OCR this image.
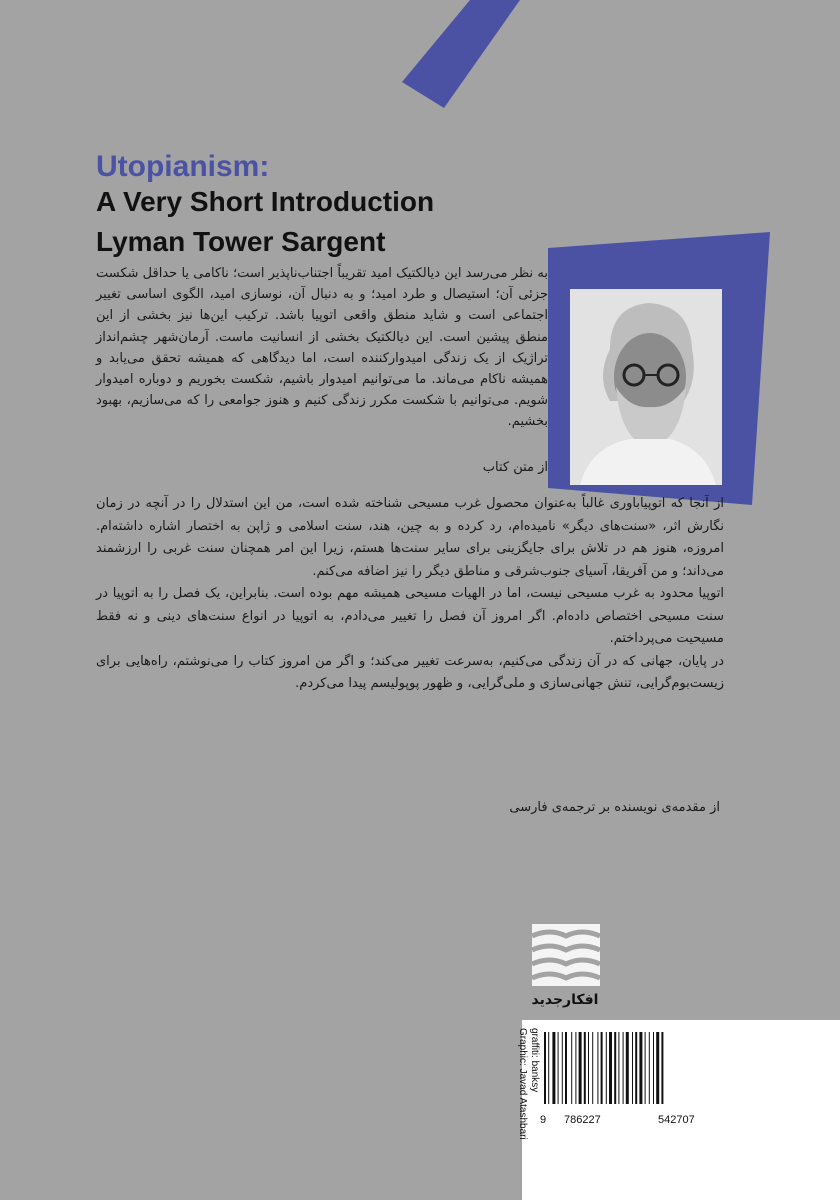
Utopianism:
A Very Short Introduction
Lyman Tower Sargent

به نظر می‌رسد این دیالکتیک امید تقریباً اجتناب‌ناپذیر است؛ ناکامی یا حداقل شکست جزئی آن؛ استیصال و طرد امید؛ و به دنبال آن، نوسازی امید، الگوی اساسی تغییر اجتماعی است و شاید منطق واقعی اتوپیا باشد. ترکیب این‌ها نیز بخشی از این منطق پیشین است. این دیالکتیک بخشی از انسانیت ماست. آرمان‌شهر چشم‌انداز تراژیک از یک زندگی امیدوارکننده است، اما دیدگاهی که همیشه تحقق می‌یابد و همیشه ناکام می‌ماند. ما می‌توانیم امیدوار باشیم، شکست بخوریم و دوباره امیدوار شویم. می‌توانیم با شکست مکرر زندگی کنیم و هنوز جوامعی را که می‌سازیم، بهبود بخشیم.

از متن کتاب

از آنجا که اتوپیاباوری غالباً به‌عنوان محصول غرب مسیحی شناخته شده است، من این استدلال را در آنچه در زمان نگارش اثر، «سنت‌های دیگر» نامیده‌ام، رد کرده و به چین، هند، سنت اسلامی و ژاپن به اختصار اشاره داشته‌ام. امروزه، هنوز هم در تلاش برای جایگزینی برای سایر سنت‌ها هستم، زیرا این امر همچنان سنت غربی را ارزشمند می‌داند؛ و من آفریقا، آسیای جنوب‌شرقی و مناطق دیگر را نیز اضافه می‌کنم.

اتوپیا محدود به غرب مسیحی نیست، اما در الهیات مسیحی همیشه مهم بوده است. بنابراین، یک فصل را به اتوپیا در سنت مسیحی اختصاص داده‌ام. اگر امروز آن فصل را تغییر می‌دادم، به اتوپیا در انواع سنت‌های دینی و نه فقط مسیحیت می‌پرداختم.

در پایان، جهانی که در آن زندگی می‌کنیم، به‌سرعت تغییر می‌کند؛ و اگر من امروز کتاب را می‌نوشتم، راه‌هایی برای زیست‌بوم‌گرایی، تنش جهانی‌سازی و ملی‌گرایی، و ظهور پوپولیسم پیدا می‌کردم.

از مقدمه‌ی نویسنده بر ترجمه‌ی فارسی
افکارجدید
graffiti: banksy
Graphic: Javad Atashbari 9 786227	542707
